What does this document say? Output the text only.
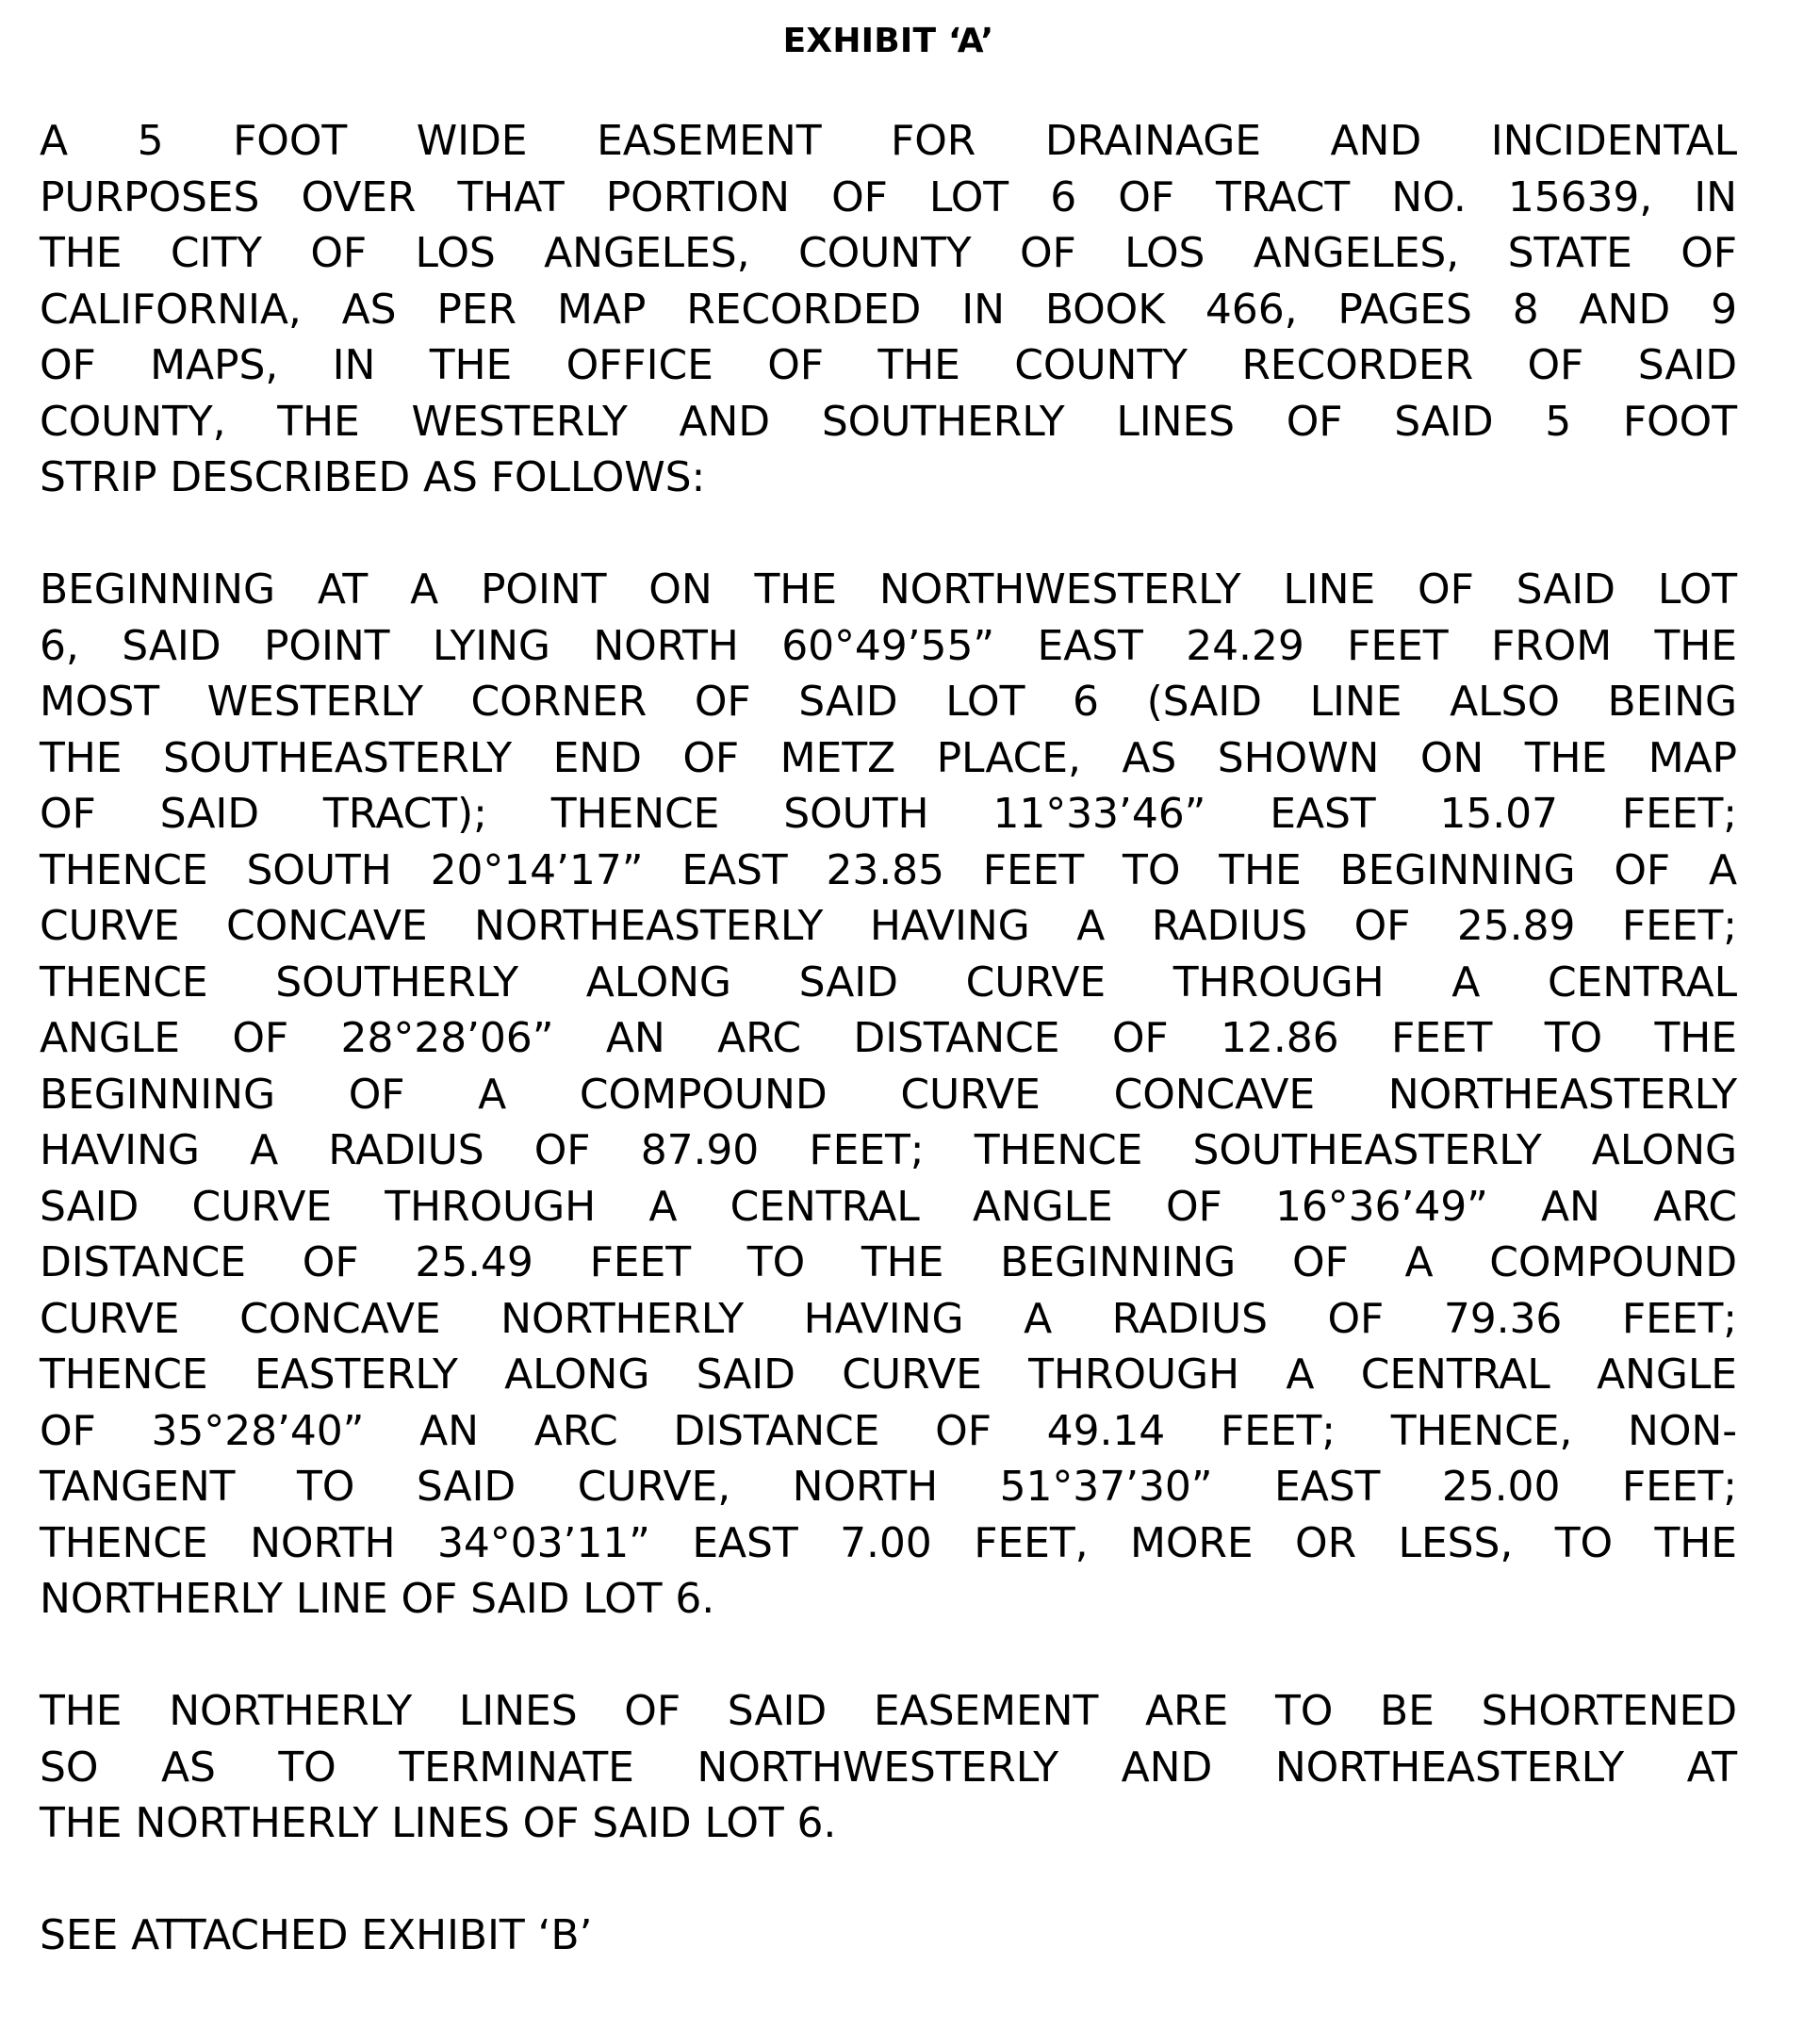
EXHIBIT ‘A’
A 5 FOOT WIDE EASEMENT FOR DRAINAGE AND INCIDENTAL
PURPOSES OVER THAT PORTION OF LOT 6 OF TRACT NO. 15639, IN
THE CITY OF LOS ANGELES, COUNTY OF LOS ANGELES, STATE OF
CALIFORNIA, AS PER MAP RECORDED IN BOOK 466, PAGES 8 AND 9
OF MAPS, IN THE OFFICE OF THE COUNTY RECORDER OF SAID
COUNTY, THE WESTERLY AND SOUTHERLY LINES OF SAID 5 FOOT
STRIP DESCRIBED AS FOLLOWS:
BEGINNING AT A POINT ON THE NORTHWESTERLY LINE OF SAID LOT
6, SAID POINT LYING NORTH 60°49’55” EAST 24.29 FEET FROM THE
MOST WESTERLY CORNER OF SAID LOT 6 (SAID LINE ALSO BEING
THE SOUTHEASTERLY END OF METZ PLACE, AS SHOWN ON THE MAP
OF SAID TRACT); THENCE SOUTH 11°33’46” EAST 15.07 FEET;
THENCE SOUTH 20°14’17” EAST 23.85 FEET TO THE BEGINNING OF A
CURVE CONCAVE NORTHEASTERLY HAVING A RADIUS OF 25.89 FEET;
THENCE SOUTHERLY ALONG SAID CURVE THROUGH A CENTRAL
ANGLE OF 28°28’06” AN ARC DISTANCE OF 12.86 FEET TO THE
BEGINNING OF A COMPOUND CURVE CONCAVE NORTHEASTERLY
HAVING A RADIUS OF 87.90 FEET; THENCE SOUTHEASTERLY ALONG
SAID CURVE THROUGH A CENTRAL ANGLE OF 16°36’49” AN ARC
DISTANCE OF 25.49 FEET TO THE BEGINNING OF A COMPOUND
CURVE CONCAVE NORTHERLY HAVING A RADIUS OF 79.36 FEET;
THENCE EASTERLY ALONG SAID CURVE THROUGH A CENTRAL ANGLE
OF 35°28’40” AN ARC DISTANCE OF 49.14 FEET; THENCE, NON-
TANGENT TO SAID CURVE, NORTH 51°37’30” EAST 25.00 FEET;
THENCE NORTH 34°03’11” EAST 7.00 FEET, MORE OR LESS, TO THE
NORTHERLY LINE OF SAID LOT 6.
THE NORTHERLY LINES OF SAID EASEMENT ARE TO BE SHORTENED
SO AS TO TERMINATE NORTHWESTERLY AND NORTHEASTERLY AT
THE NORTHERLY LINES OF SAID LOT 6.
SEE ATTACHED EXHIBIT ‘B’
